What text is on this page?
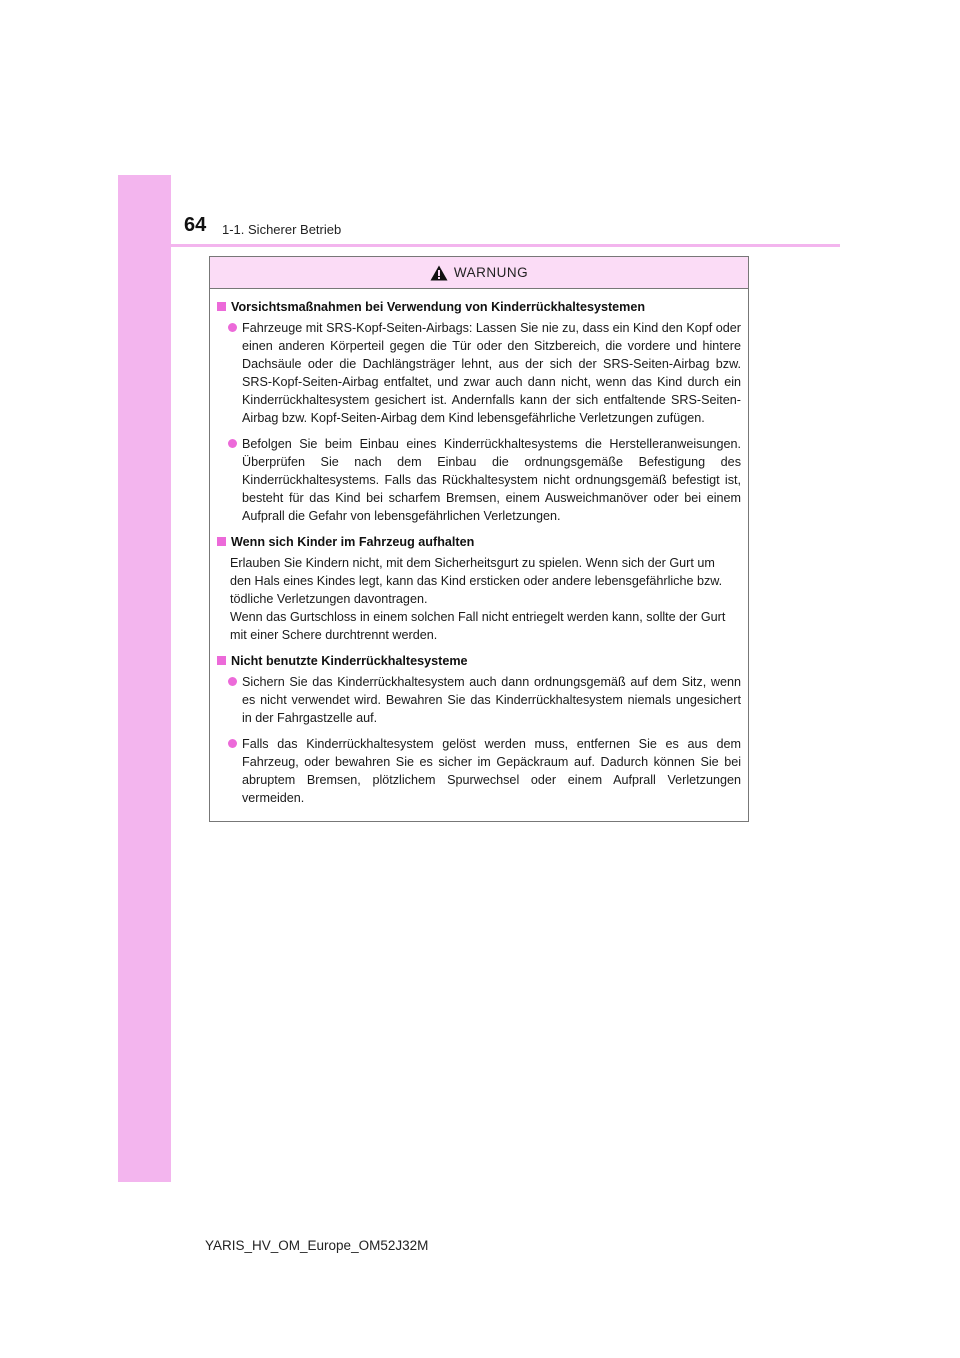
64 1-1. Sicherer Betrieb
WARNUNG
Vorsichtsmaßnahmen bei Verwendung von Kinderrückhaltesystemen
Fahrzeuge mit SRS-Kopf-Seiten-Airbags: Lassen Sie nie zu, dass ein Kind den Kopf oder einen anderen Körperteil gegen die Tür oder den Sitzbereich, die vordere und hintere Dachsäule oder die Dachlängsträger lehnt, aus der sich der SRS-Seiten-Airbag bzw. SRS-Kopf-Seiten-Airbag entfaltet, und zwar auch dann nicht, wenn das Kind durch ein Kinderrückhaltesystem gesichert ist. Andernfalls kann der sich entfaltende SRS-Seiten-Airbag bzw. Kopf-Seiten-Airbag dem Kind lebensgefährliche Verletzungen zufügen.
Befolgen Sie beim Einbau eines Kinderrückhaltesystems die Herstelleranweisungen. Überprüfen Sie nach dem Einbau die ordnungsgemäße Befestigung des Kinderrückhaltesystems. Falls das Rückhaltesystem nicht ordnungsgemäß befestigt ist, besteht für das Kind bei scharfem Bremsen, einem Ausweichmanöver oder bei einem Aufprall die Gefahr von lebensgefährlichen Verletzungen.
Wenn sich Kinder im Fahrzeug aufhalten
Erlauben Sie Kindern nicht, mit dem Sicherheitsgurt zu spielen. Wenn sich der Gurt um den Hals eines Kindes legt, kann das Kind ersticken oder andere lebensgefährliche bzw. tödliche Verletzungen davontragen.
Wenn das Gurtschloss in einem solchen Fall nicht entriegelt werden kann, sollte der Gurt mit einer Schere durchtrennt werden.
Nicht benutzte Kinderrückhaltesysteme
Sichern Sie das Kinderrückhaltesystem auch dann ordnungsgemäß auf dem Sitz, wenn es nicht verwendet wird. Bewahren Sie das Kinderrückhaltesystem niemals ungesichert in der Fahrgastzelle auf.
Falls das Kinderrückhaltesystem gelöst werden muss, entfernen Sie es aus dem Fahrzeug, oder bewahren Sie es sicher im Gepäckraum auf. Dadurch können Sie bei abruptem Bremsen, plötzlichem Spurwechsel oder einem Aufprall Verletzungen vermeiden.
YARIS_HV_OM_Europe_OM52J32M
